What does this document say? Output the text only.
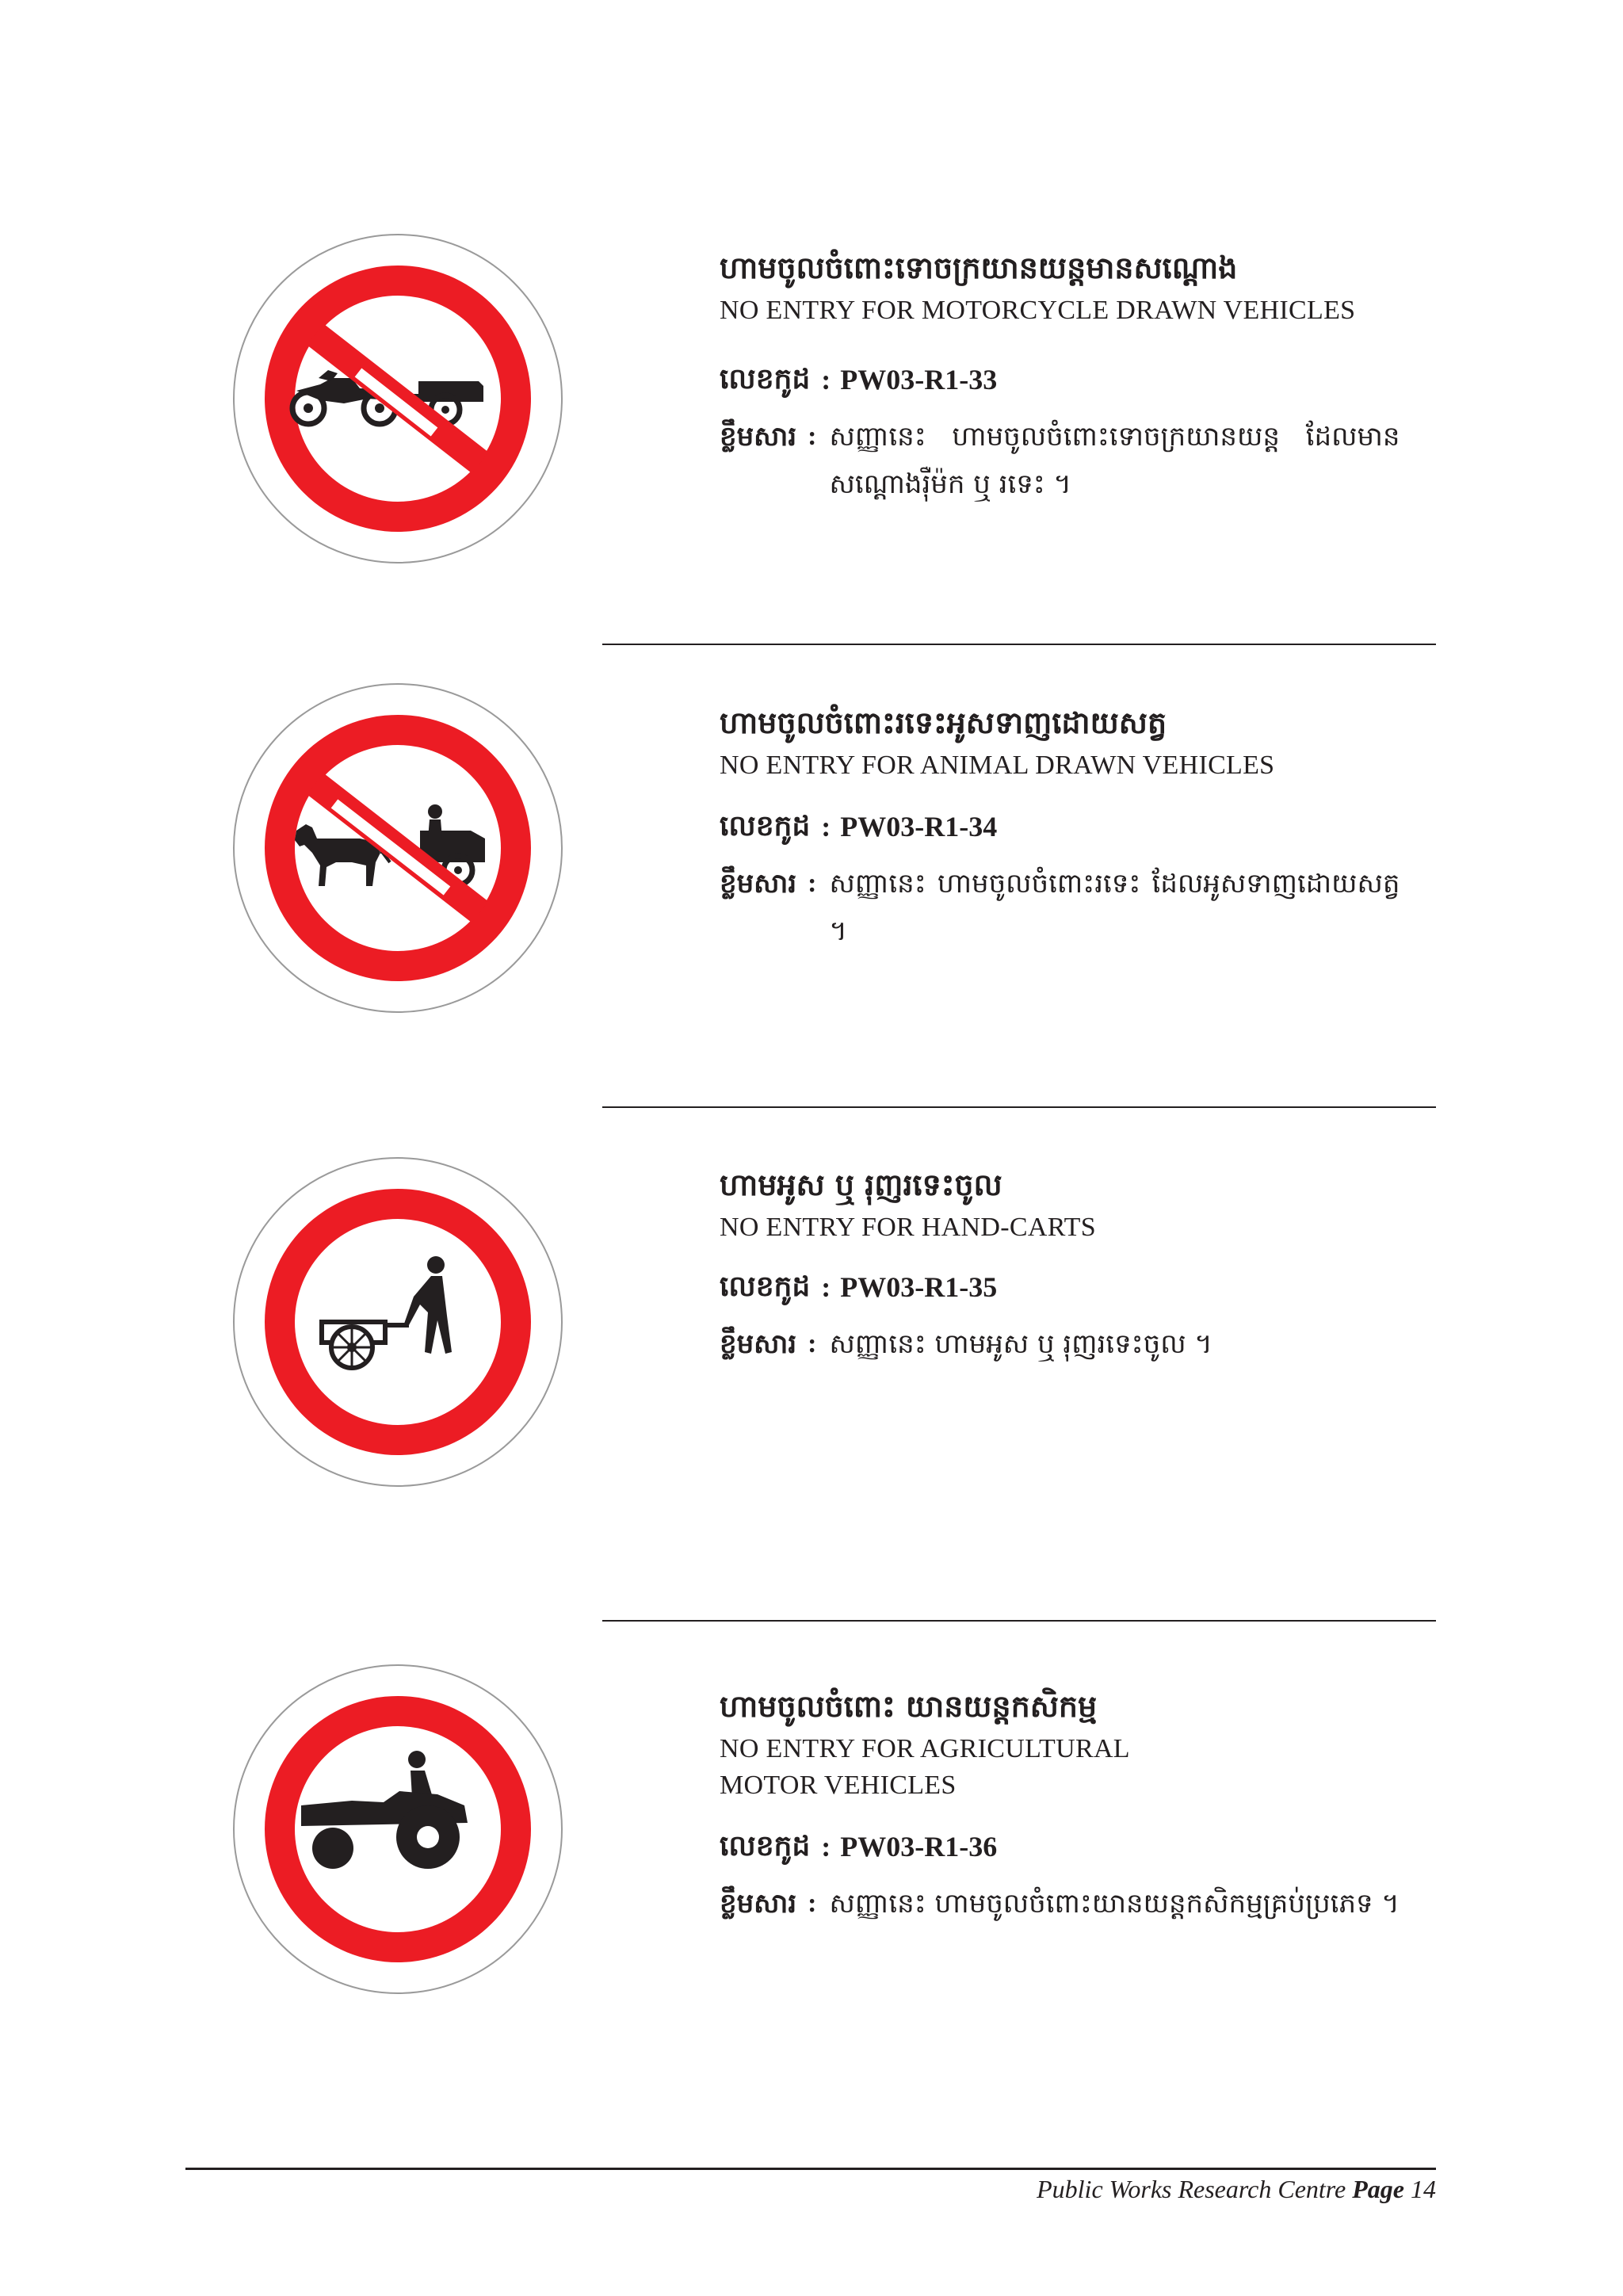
ហាមចូលចំពោះទោចក្រយានយន្តមានសណ្តោង

NO ENTRY FOR MOTORCYCLE DRAWN VEHICLES

លេខកូដ : PW03-R1-33
ខ្លឹមសារ : សញ្ញានេះ ហាមចូលចំពោះទោចក្រយានយន្ត ដែលមានសណ្តោងរ៉ឺម៉ក ឬ រទេះ ។

ហាមចូលចំពោះរទេះអូសទាញដោយសត្វ

NO ENTRY FOR ANIMAL DRAWN VEHICLES

លេខកូដ : PW03-R1-34
ខ្លឹមសារ : សញ្ញានេះ ហាមចូលចំពោះរទេះ ដែលអូសទាញដោយសត្វ ។

ហាមអូស ឬ រុញរទេះចូល

NO ENTRY FOR HAND-CARTS

លេខកូដ : PW03-R1-35
ខ្លឹមសារ : សញ្ញានេះ ហាមអូស ឬ រុញរទេះចូល ។

ហាមចូលចំពោះ យានយន្តកសិកម្ម

NO ENTRY FOR AGRICULTURAL MOTOR VEHICLES

លេខកូដ : PW03-R1-36
ខ្លឹមសារ : សញ្ញានេះ ហាមចូលចំពោះយានយន្តកសិកម្មគ្រប់ប្រភេទ ។
Public Works Research Centre Page 14
